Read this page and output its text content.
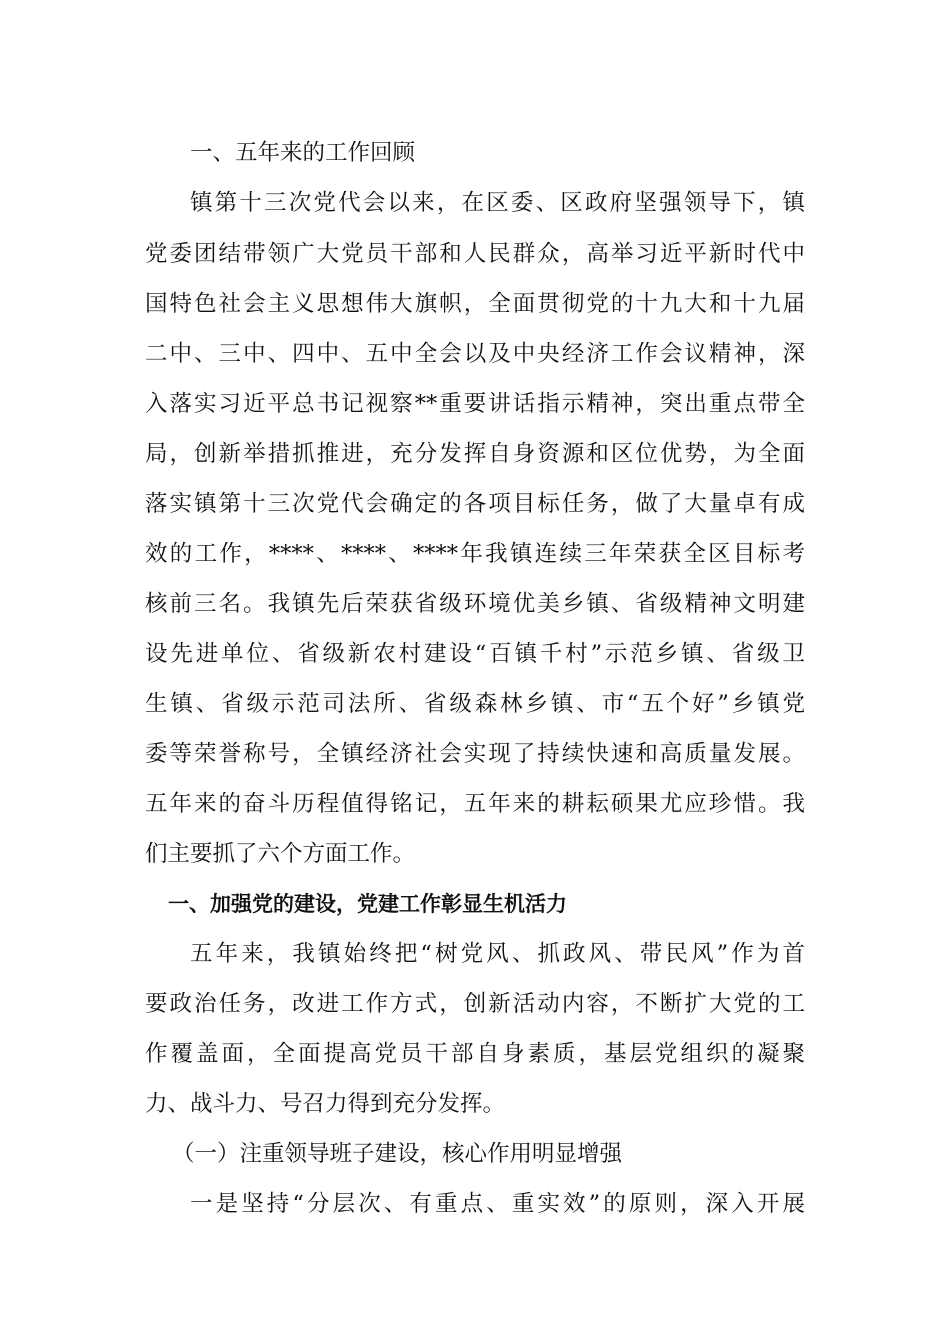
一、五年来的工作回顾
镇第十三次党代会以来，在区委、区政府坚强领导下，镇
党委团结带领广大党员干部和人民群众，高举习近平新时代中
国特色社会主义思想伟大旗帜，全面贯彻党的十九大和十九届
二中、三中、四中、五中全会以及中央经济工作会议精神，深
入落实习近平总书记视察**重要讲话指示精神，突出重点带全
局，创新举措抓推进，充分发挥自身资源和区位优势，为全面
落实镇第十三次党代会确定的各项目标任务，做了大量卓有成
效的工作，****、****、****年我镇连续三年荣获全区目标考
核前三名。我镇先后荣获省级环境优美乡镇、省级精神文明建
设先进单位、省级新农村建设“百镇千村”示范乡镇、省级卫
生镇、省级示范司法所、省级森林乡镇、市“五个好”乡镇党
委等荣誉称号，全镇经济社会实现了持续快速和高质量发展。
五年来的奋斗历程值得铭记，五年来的耕耘硕果尤应珍惜。我
们主要抓了六个方面工作。
一、加强党的建设，党建工作彰显生机活力
五年来，我镇始终把“树党风、抓政风、带民风”作为首
要政治任务，改进工作方式，创新活动内容，不断扩大党的工
作覆盖面，全面提高党员干部自身素质，基层党组织的凝聚
力、战斗力、号召力得到充分发挥。
（一）注重领导班子建设，核心作用明显增强
一是坚持“分层次、有重点、重实效”的原则，深入开展
